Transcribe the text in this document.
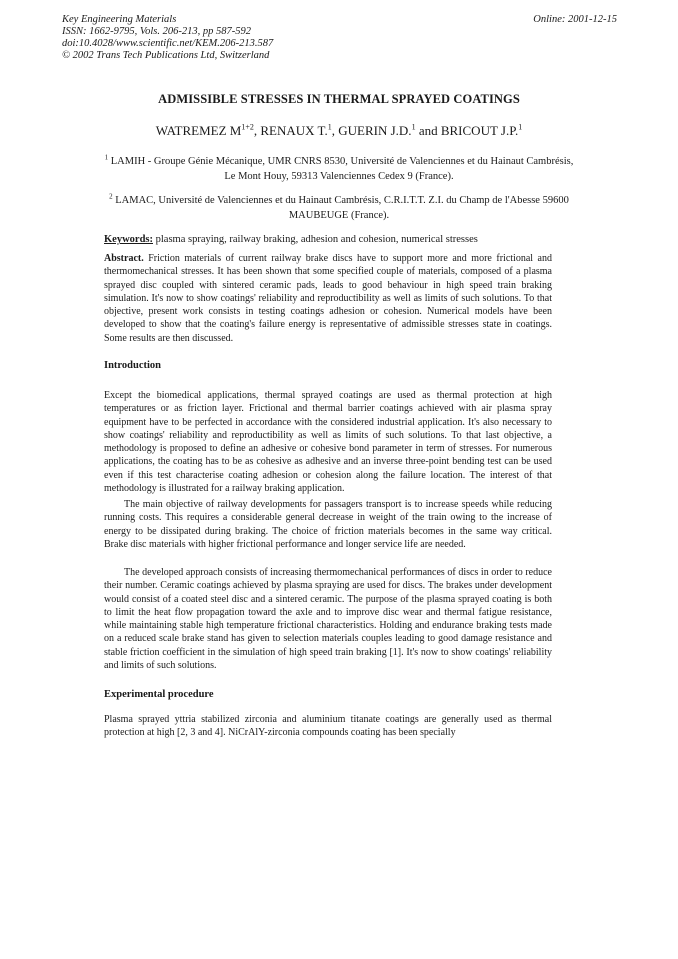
Key Engineering Materials
ISSN: 1662-9795, Vols. 206-213, pp 587-592
doi:10.4028/www.scientific.net/KEM.206-213.587
© 2002 Trans Tech Publications Ltd, Switzerland
Online: 2001-12-15
ADMISSIBLE STRESSES IN THERMAL SPRAYED COATINGS
WATREMEZ $M^{1+2}$, RENAUX T.$^1$, GUERIN J.D.$^1$ and BRICOUT J.P.$^1$
$^1$ LAMIH - Groupe Génie Mécanique, UMR CNRS 8530, Université de Valenciennes et du Hainaut Cambrésis, Le Mont Houy, 59313 Valenciennes Cedex 9 (France).
$^2$ LAMAC, Université de Valenciennes et du Hainaut Cambrésis, C.R.I.T.T. Z.I. du Champ de l'Abesse 59600 MAUBEUGE (France).
Keywords: plasma spraying, railway braking, adhesion and cohesion, numerical stresses
Abstract. Friction materials of current railway brake discs have to support more and more frictional and thermomechanical stresses. It has been shown that some specified couple of materials, composed of a plasma sprayed disc coupled with sintered ceramic pads, leads to good behaviour in high speed train braking simulation. It's now to show coatings' reliability and reproductibility as well as limits of such solutions. To that objective, present work consists in testing coatings adhesion or cohesion. Numerical models have been developed to show that the coating's failure energy is representative of admissible stresses state in coatings. Some results are then discussed.
Introduction
Except the biomedical applications, thermal sprayed coatings are used as thermal protection at high temperatures or as friction layer. Frictional and thermal barrier coatings achieved with air plasma spray equipment have to be perfected in accordance with the considered industrial application. It's also necessary to show coatings' reliability and reproductibility as well as limits of such solutions. To that last objective, a methodology is proposed to define an adhesive or cohesive bond parameter in term of stresses. For numerous applications, the coating has to be as cohesive as adhesive and an inverse three-point bending test can be used even if this test characterise coating adhesion or cohesion along the failure location. The interest of that methodology is illustrated for a railway braking application.
The main objective of railway developments for passagers transport is to increase speeds while reducing running costs. This requires a considerable general decrease in weight of the train owing to the increase of energy to be dissipated during braking. The choice of friction materials becomes in the same way critical. Brake disc materials with higher frictional performance and longer service life are needed.
The developed approach consists of increasing thermomechanical performances of discs in order to reduce their number. Ceramic coatings achieved by plasma spraying are used for discs. The brakes under development would consist of a coated steel disc and a sintered ceramic. The purpose of the plasma sprayed coating is both to limit the heat flow propagation toward the axle and to improve disc wear and thermal fatigue resistance, while maintaining stable high temperature frictional characteristics. Holding and endurance braking tests made on a reduced scale brake stand has given to selection materials couples leading to good damage resistance and stable friction coefficient in the simulation of high speed train braking [1]. It's now to show coatings' reliability and limits of such solutions.
Experimental procedure
Plasma sprayed yttria stabilized zirconia and aluminium titanate coatings are generally used as thermal protection at high [2, 3 and 4]. NiCrAlY-zirconia compounds coating has been specially
